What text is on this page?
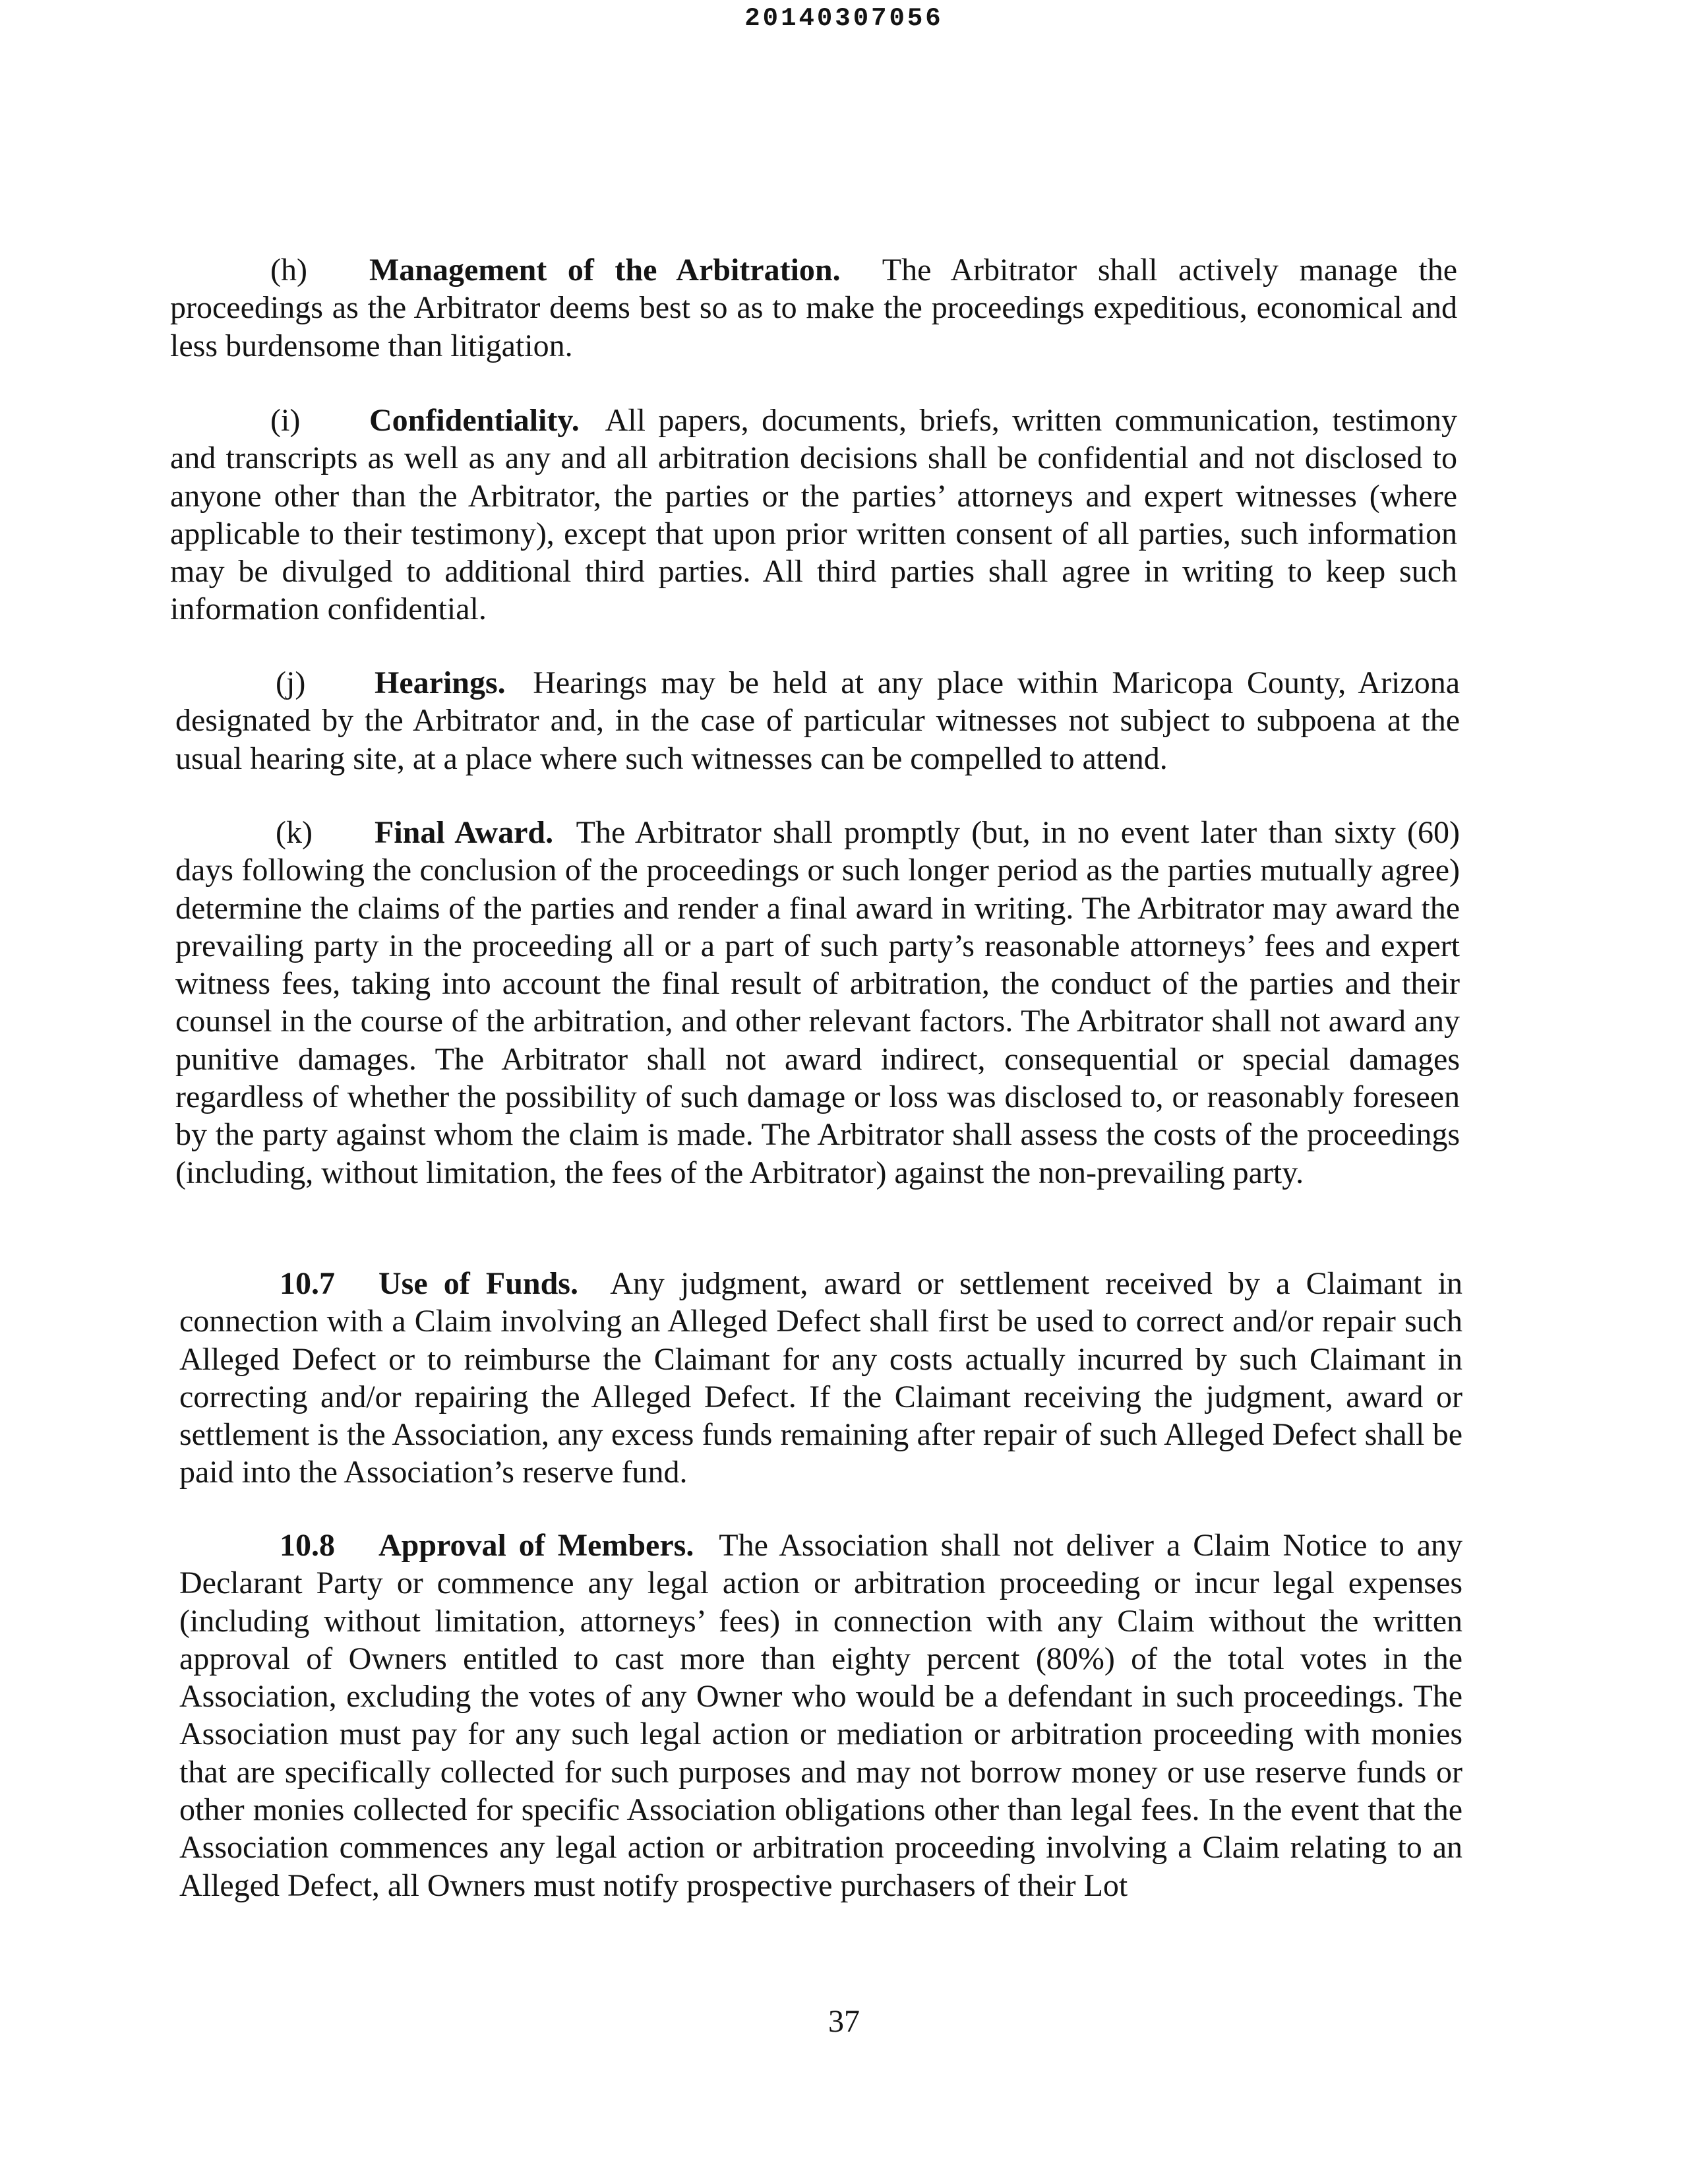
20140307056

(h) Management of the Arbitration. The Arbitrator shall actively manage the proceedings as the Arbitrator deems best so as to make the proceedings expeditious, economical and less burdensome than litigation.

(i) Confidentiality. All papers, documents, briefs, written communication, testimony and transcripts as well as any and all arbitration decisions shall be confidential and not disclosed to anyone other than the Arbitrator, the parties or the parties’ attorneys and expert witnesses (where applicable to their testimony), except that upon prior written consent of all parties, such information may be divulged to additional third parties. All third parties shall agree in writing to keep such information confidential.

(j) Hearings. Hearings may be held at any place within Maricopa County, Arizona designated by the Arbitrator and, in the case of particular witnesses not subject to subpoena at the usual hearing site, at a place where such witnesses can be compelled to attend.

(k) Final Award. The Arbitrator shall promptly (but, in no event later than sixty (60) days following the conclusion of the proceedings or such longer period as the parties mutually agree) determine the claims of the parties and render a final award in writing. The Arbitrator may award the prevailing party in the proceeding all or a part of such party’s reasonable attorneys’ fees and expert witness fees, taking into account the final result of arbitration, the conduct of the parties and their counsel in the course of the arbitration, and other relevant factors. The Arbitrator shall not award any punitive damages. The Arbitrator shall not award indirect, consequential or special damages regardless of whether the possibility of such damage or loss was disclosed to, or reasonably foreseen by the party against whom the claim is made. The Arbitrator shall assess the costs of the proceedings (including, without limitation, the fees of the Arbitrator) against the non-prevailing party.

10.7 Use of Funds. Any judgment, award or settlement received by a Claimant in connection with a Claim involving an Alleged Defect shall first be used to correct and/or repair such Alleged Defect or to reimburse the Claimant for any costs actually incurred by such Claimant in correcting and/or repairing the Alleged Defect. If the Claimant receiving the judgment, award or settlement is the Association, any excess funds remaining after repair of such Alleged Defect shall be paid into the Association’s reserve fund.

10.8 Approval of Members. The Association shall not deliver a Claim Notice to any Declarant Party or commence any legal action or arbitration proceeding or incur legal expenses (including without limitation, attorneys’ fees) in connection with any Claim without the written approval of Owners entitled to cast more than eighty percent (80%) of the total votes in the Association, excluding the votes of any Owner who would be a defendant in such proceedings. The Association must pay for any such legal action or mediation or arbitration proceeding with monies that are specifically collected for such purposes and may not borrow money or use reserve funds or other monies collected for specific Association obligations other than legal fees. In the event that the Association commences any legal action or arbitration proceeding involving a Claim relating to an Alleged Defect, all Owners must notify prospective purchasers of their Lot

37
